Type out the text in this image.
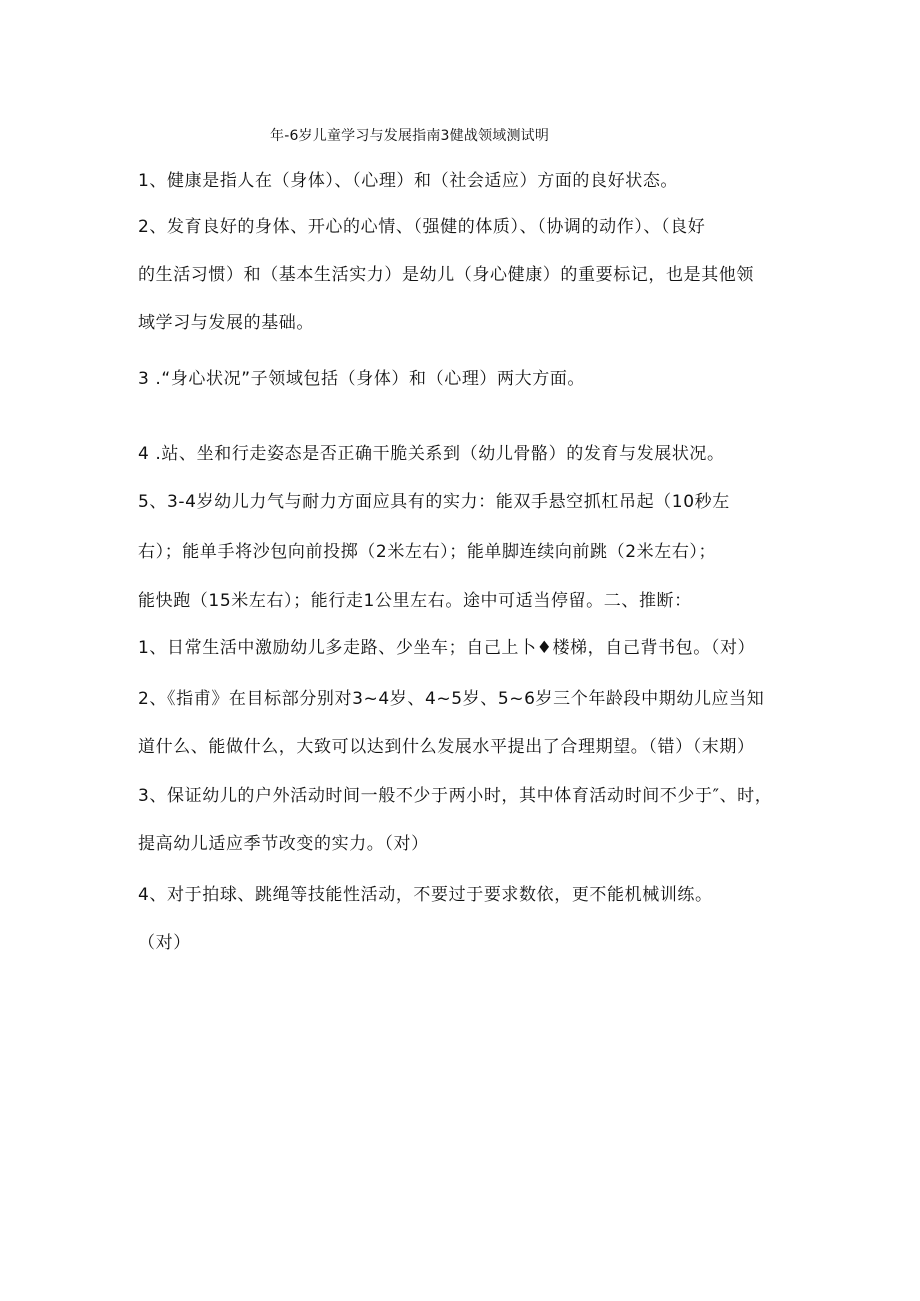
年-6岁儿童学习与发展指南3健战领域测试明
1、健康是指人在（身体）、（心理）和（社会适应）方面的良好状态。
2、发育良好的身体、开心的心情、（强健的体质）、（协调的动作）、（良好
的生活习惯）和（基本生活实力）是幼儿（身心健康）的重要标记，也是其他领
域学习与发展的基础。
3 .“身心状况”子领域包括（身体）和（心理）两大方面。
4 .站、坐和行走姿态是否正确干脆关系到（幼儿骨骼）的发育与发展状况。
5、3-4岁幼儿力气与耐力方面应具有的实力：能双手悬空抓杠吊起（10秒左
右）；能单手将沙包向前投掷（2米左右）；能单脚连续向前跳（2米左右）；
能快跑（15米左右）；能行走1公里左右。途中可适当停留。二、推断：
1、日常生活中激励幼儿多走路、少坐车；自己上卜♦楼梯，自己背书包。（对）
2、《指甫》在目标部分别对3~4岁、4~5岁、5~6岁三个年龄段中期幼儿应当知
道什么、能做什么，大致可以达到什么发展水平提出了合理期望。（错）（末期）
3、保证幼儿的户外活动时间一般不少于两小时，其中体育活动时间不少于″、时，
提高幼儿适应季节改变的实力。（对）
4、对于拍球、跳绳等技能性活动，不要过于要求数依，更不能机械训练。
（对）
